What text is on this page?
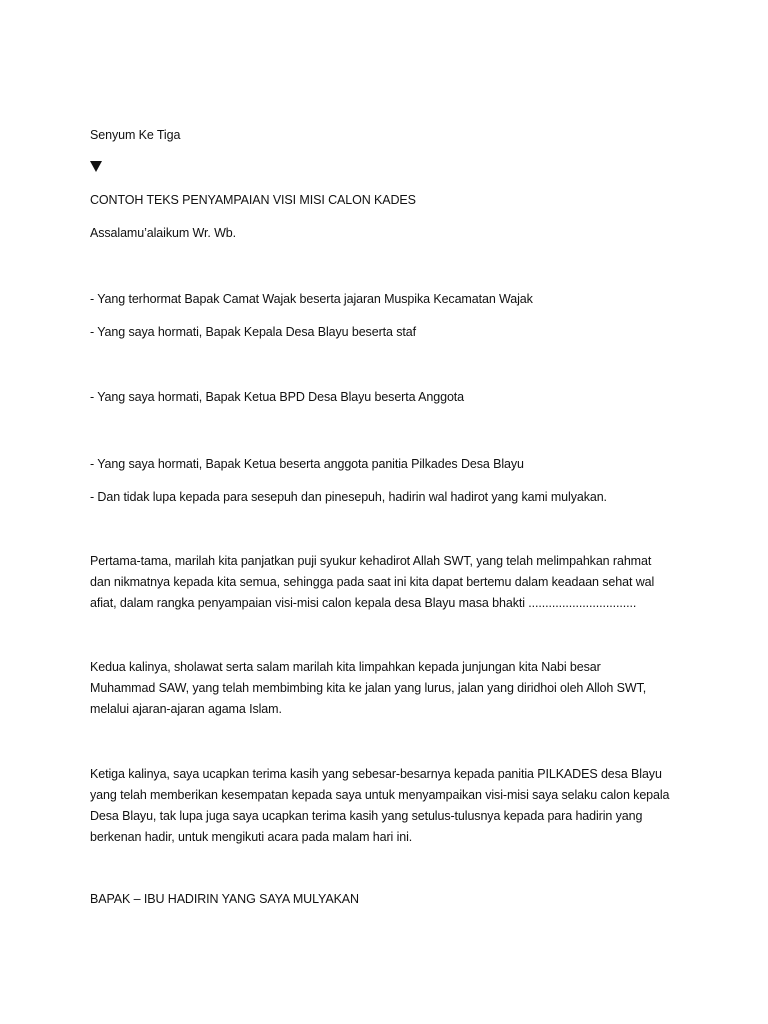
Senyum Ke Tiga
CONTOH TEKS PENYAMPAIAN VISI MISI CALON KADES
Assalamu’alaikum Wr. Wb.
- Yang terhormat Bapak Camat Wajak beserta jajaran Muspika Kecamatan Wajak
- Yang saya hormati, Bapak Kepala Desa Blayu beserta staf
- Yang saya hormati, Bapak Ketua BPD Desa Blayu beserta Anggota
- Yang saya hormati, Bapak Ketua beserta anggota panitia Pilkades Desa Blayu
- Dan tidak lupa kepada para sesepuh dan pinesepuh, hadirin wal hadirot yang kami mulyakan.
Pertama-tama, marilah kita panjatkan puji syukur kehadirot Allah SWT, yang telah melimpahkan rahmat
dan nikmatnya kepada kita semua, sehingga pada saat ini kita dapat bertemu dalam keadaan sehat wal
afiat, dalam rangka penyampaian visi-misi calon kepala desa Blayu masa bhakti ................................
Kedua kalinya, sholawat serta salam marilah kita limpahkan kepada junjungan kita Nabi besar
Muhammad SAW, yang telah membimbing kita ke jalan yang lurus, jalan yang diridhoi oleh Alloh SWT,
melalui ajaran-ajaran agama Islam.
Ketiga kalinya, saya ucapkan terima kasih yang sebesar-besarnya kepada panitia PILKADES desa Blayu
yang telah memberikan kesempatan kepada saya untuk menyampaikan visi-misi saya selaku calon kepala
Desa Blayu, tak lupa juga saya ucapkan terima kasih yang setulus-tulusnya kepada para hadirin yang
berkenan hadir, untuk mengikuti acara pada malam hari ini.
BAPAK – IBU HADIRIN YANG SAYA MULYAKAN
